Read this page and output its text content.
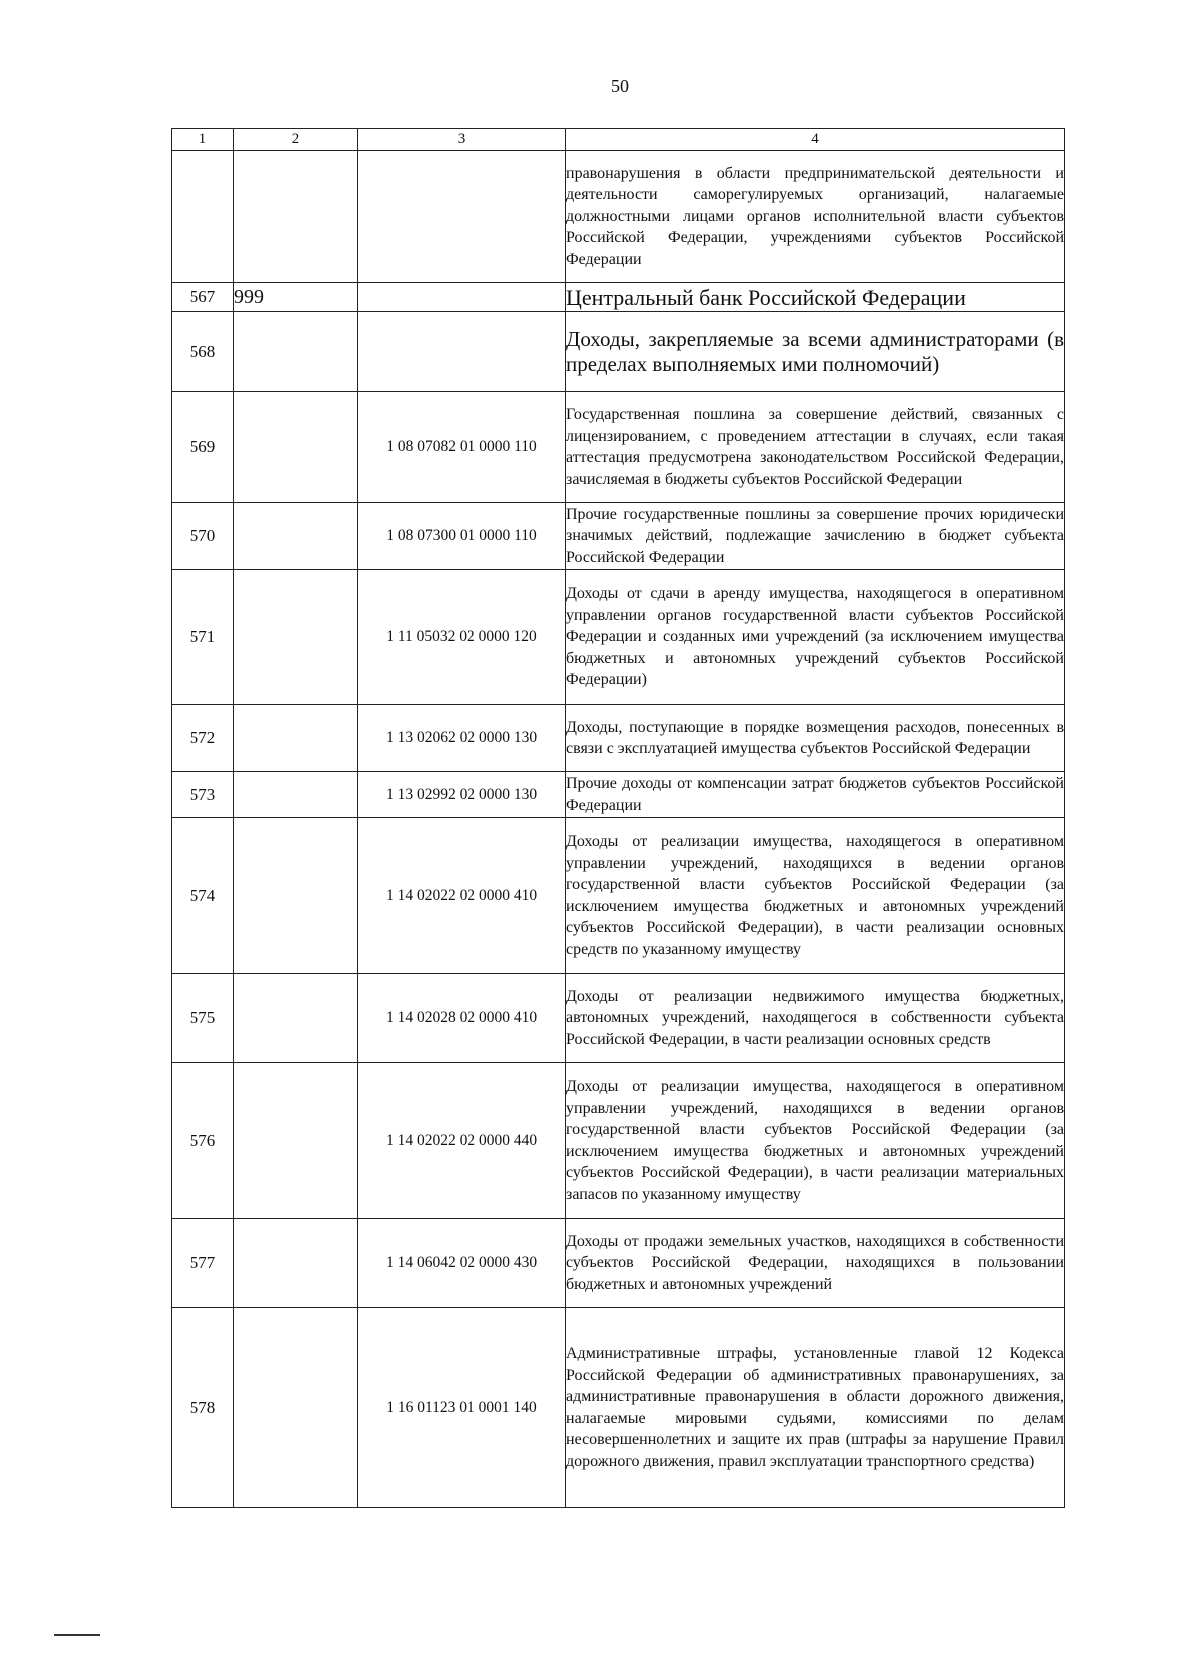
50
1	2	3	4
			правонарушения в области предпринимательской деятельности и деятельности саморегулируемых организаций, налагаемые должностными лицами органов исполнительной власти субъектов Российской Федерации, учреждениями субъектов Российской Федерации
567	999		Центральный банк Российской Федерации
568			Доходы, закрепляемые за всеми администраторами (в пределах выполняемых ими полномочий)
569		1 08 07082 01 0000 110	Государственная пошлина за совершение действий, связанных с лицензированием, с проведением аттестации в случаях, если такая аттестация предусмотрена законодательством Российской Федерации, зачисляемая в бюджеты субъектов Российской Федерации
570		1 08 07300 01 0000 110	Прочие государственные пошлины за совершение прочих юридически значимых действий, подлежащие зачислению в бюджет субъекта Российской Федерации
571		1 11 05032 02 0000 120	Доходы от сдачи в аренду имущества, находящегося в оперативном управлении органов государственной власти субъектов Российской Федерации и созданных ими учреждений (за исключением имущества бюджетных и автономных учреждений субъектов Российской Федерации)
572		1 13 02062 02 0000 130	Доходы, поступающие в порядке возмещения расходов, понесенных в связи с эксплуатацией имущества субъектов Российской Федерации
573		1 13 02992 02 0000 130	Прочие доходы от компенсации затрат бюджетов субъектов Российской Федерации
574		1 14 02022 02 0000 410	Доходы от реализации имущества, находящегося в оперативном управлении учреждений, находящихся в ведении органов государственной власти субъектов Российской Федерации (за исключением имущества бюджетных и автономных учреждений субъектов Российской Федерации), в части реализации основных средств по указанному имуществу
575		1 14 02028 02 0000 410	Доходы от реализации недвижимого имущества бюджетных, автономных учреждений, находящегося в собственности субъекта Российской Федерации, в части реализации основных средств
576		1 14 02022 02 0000 440	Доходы от реализации имущества, находящегося в оперативном управлении учреждений, находящихся в ведении органов государственной власти субъектов Российской Федерации (за исключением имущества бюджетных и автономных учреждений субъектов Российской Федерации), в части реализации материальных запасов по указанному имуществу
577		1 14 06042 02 0000 430	Доходы от продажи земельных участков, находящихся в собственности субъектов Российской Федерации, находящихся в пользовании бюджетных и автономных учреждений
578		1 16 01123 01 0001 140	Административные штрафы, установленные главой 12 Кодекса Российской Федерации об административных правонарушениях, за административные правонарушения в области дорожного движения, налагаемые мировыми судьями, комиссиями по делам несовершеннолетних и защите их прав (штрафы за нарушение Правил дорожного движения, правил эксплуатации транспортного средства)
